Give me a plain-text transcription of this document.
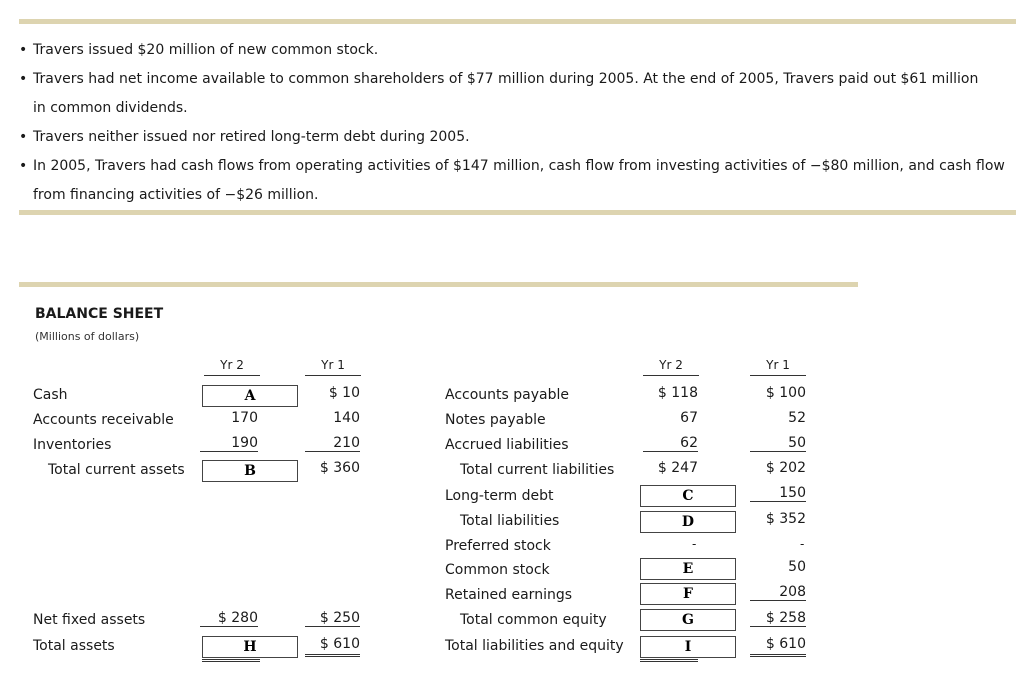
• Travers issued $20 million of new common stock.
• Travers had net income available to common shareholders of $77 million during 2005. At the end of 2005, Travers paid out $61 million in common dividends.
• Travers neither issued nor retired long-term debt during 2005.
• In 2005, Travers had cash flows from operating activities of $147 million, cash flow from investing activities of −$80 million, and cash flow from financing activities of −$26 million.
BALANCE SHEET
(Millions of dollars)
Yr 2	Yr 1	Yr 2	Yr 1
Cash	A	$ 10
Accounts receivable	170	140
Inventories	190	210
Total current assets	B	$ 360
Net fixed assets	$ 280	$ 250
Total assets	H	$ 610
Accounts payable	$ 118	$ 100
Notes payable	67	52
Accrued liabilities	62	50
Total current liabilities	$ 247	$ 202
Long-term debt	C	150
Total liabilities	D	$ 352
Preferred stock	-	-
Common stock	E	50
Retained earnings	F	208
Total common equity	G	$ 258
Total liabilities and equity	I	$ 610
